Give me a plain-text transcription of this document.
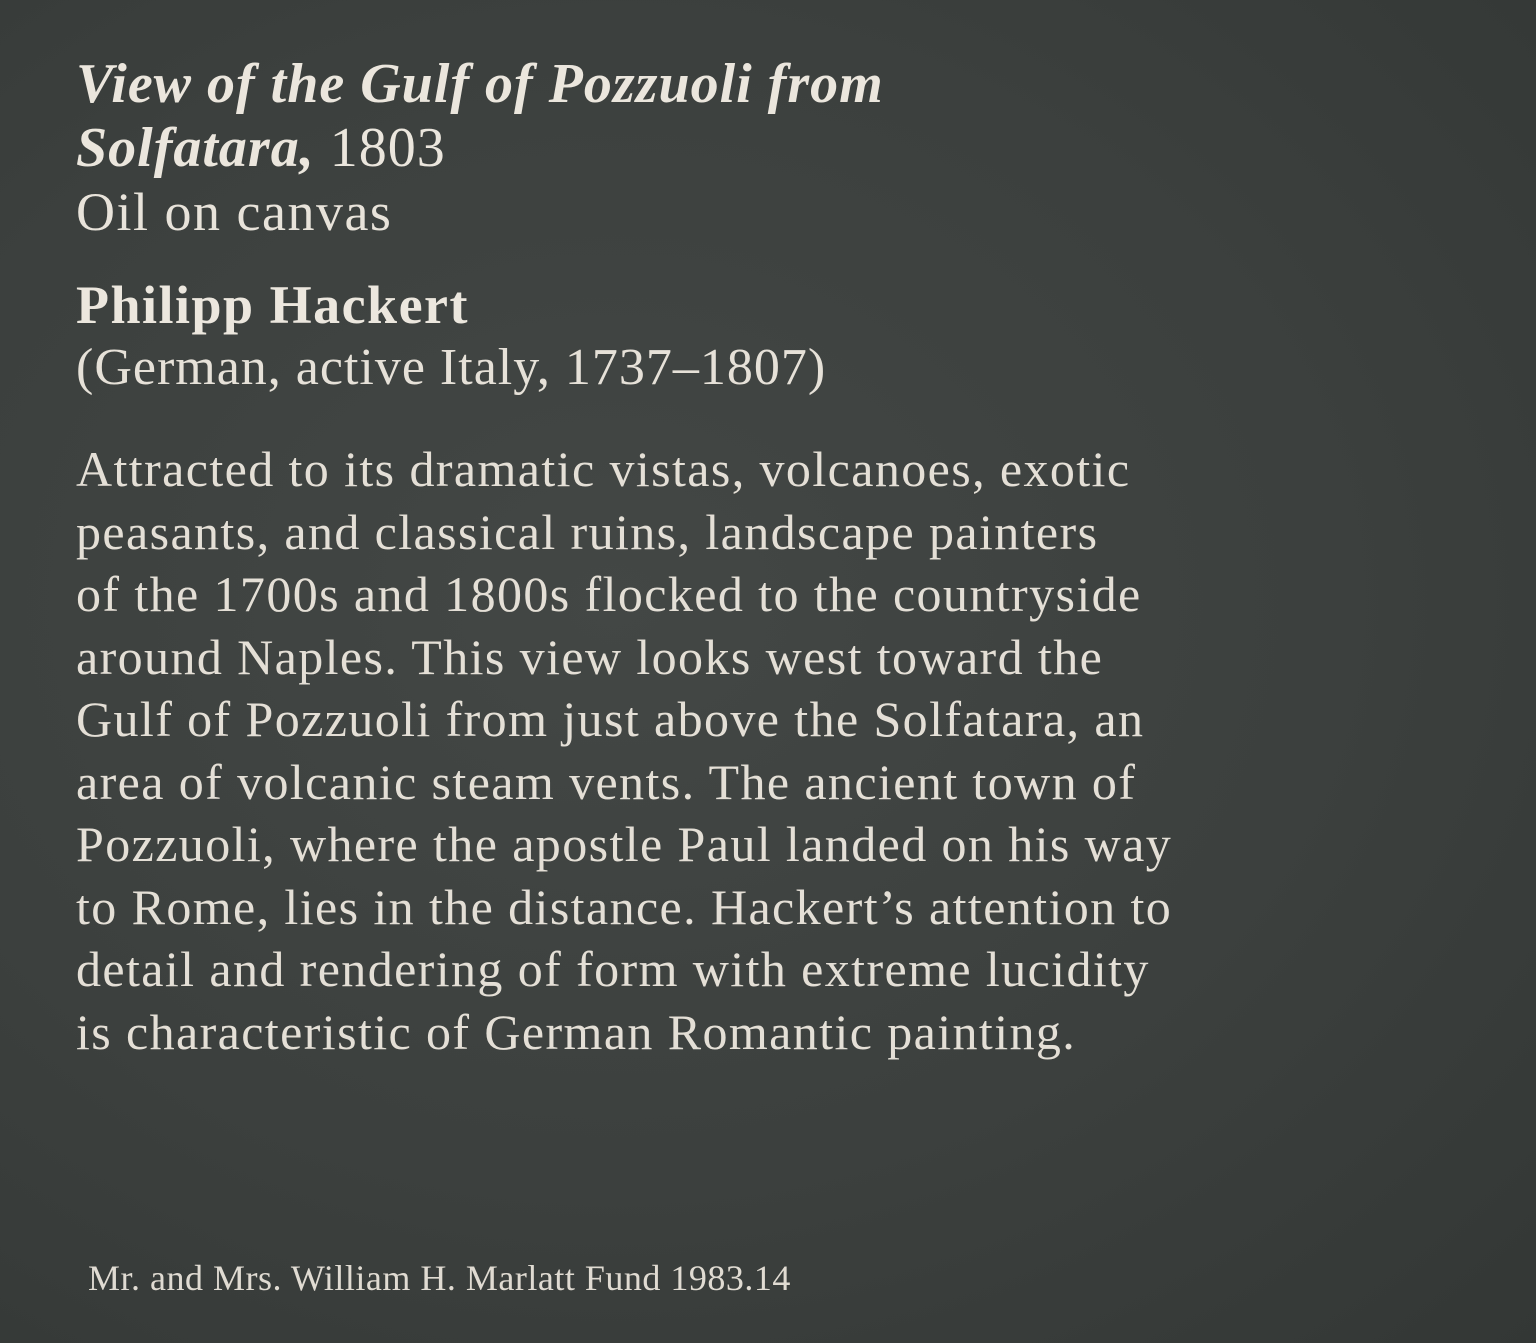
View of the Gulf of Pozzuoli from
Solfatara, 1803

Oil on canvas

Philipp Hackert

(German, active Italy, 1737–1807)

Attracted to its dramatic vistas, volcanoes, exotic
peasants, and classical ruins, landscape painters
of the 1700s and 1800s flocked to the countryside
around Naples. This view looks west toward the
Gulf of Pozzuoli from just above the Solfatara, an
area of volcanic steam vents. The ancient town of
Pozzuoli, where the apostle Paul landed on his way
to Rome, lies in the distance. Hackert’s attention to
detail and rendering of form with extreme lucidity
is characteristic of German Romantic painting.

Mr. and Mrs. William H. Marlatt Fund 1983.14
